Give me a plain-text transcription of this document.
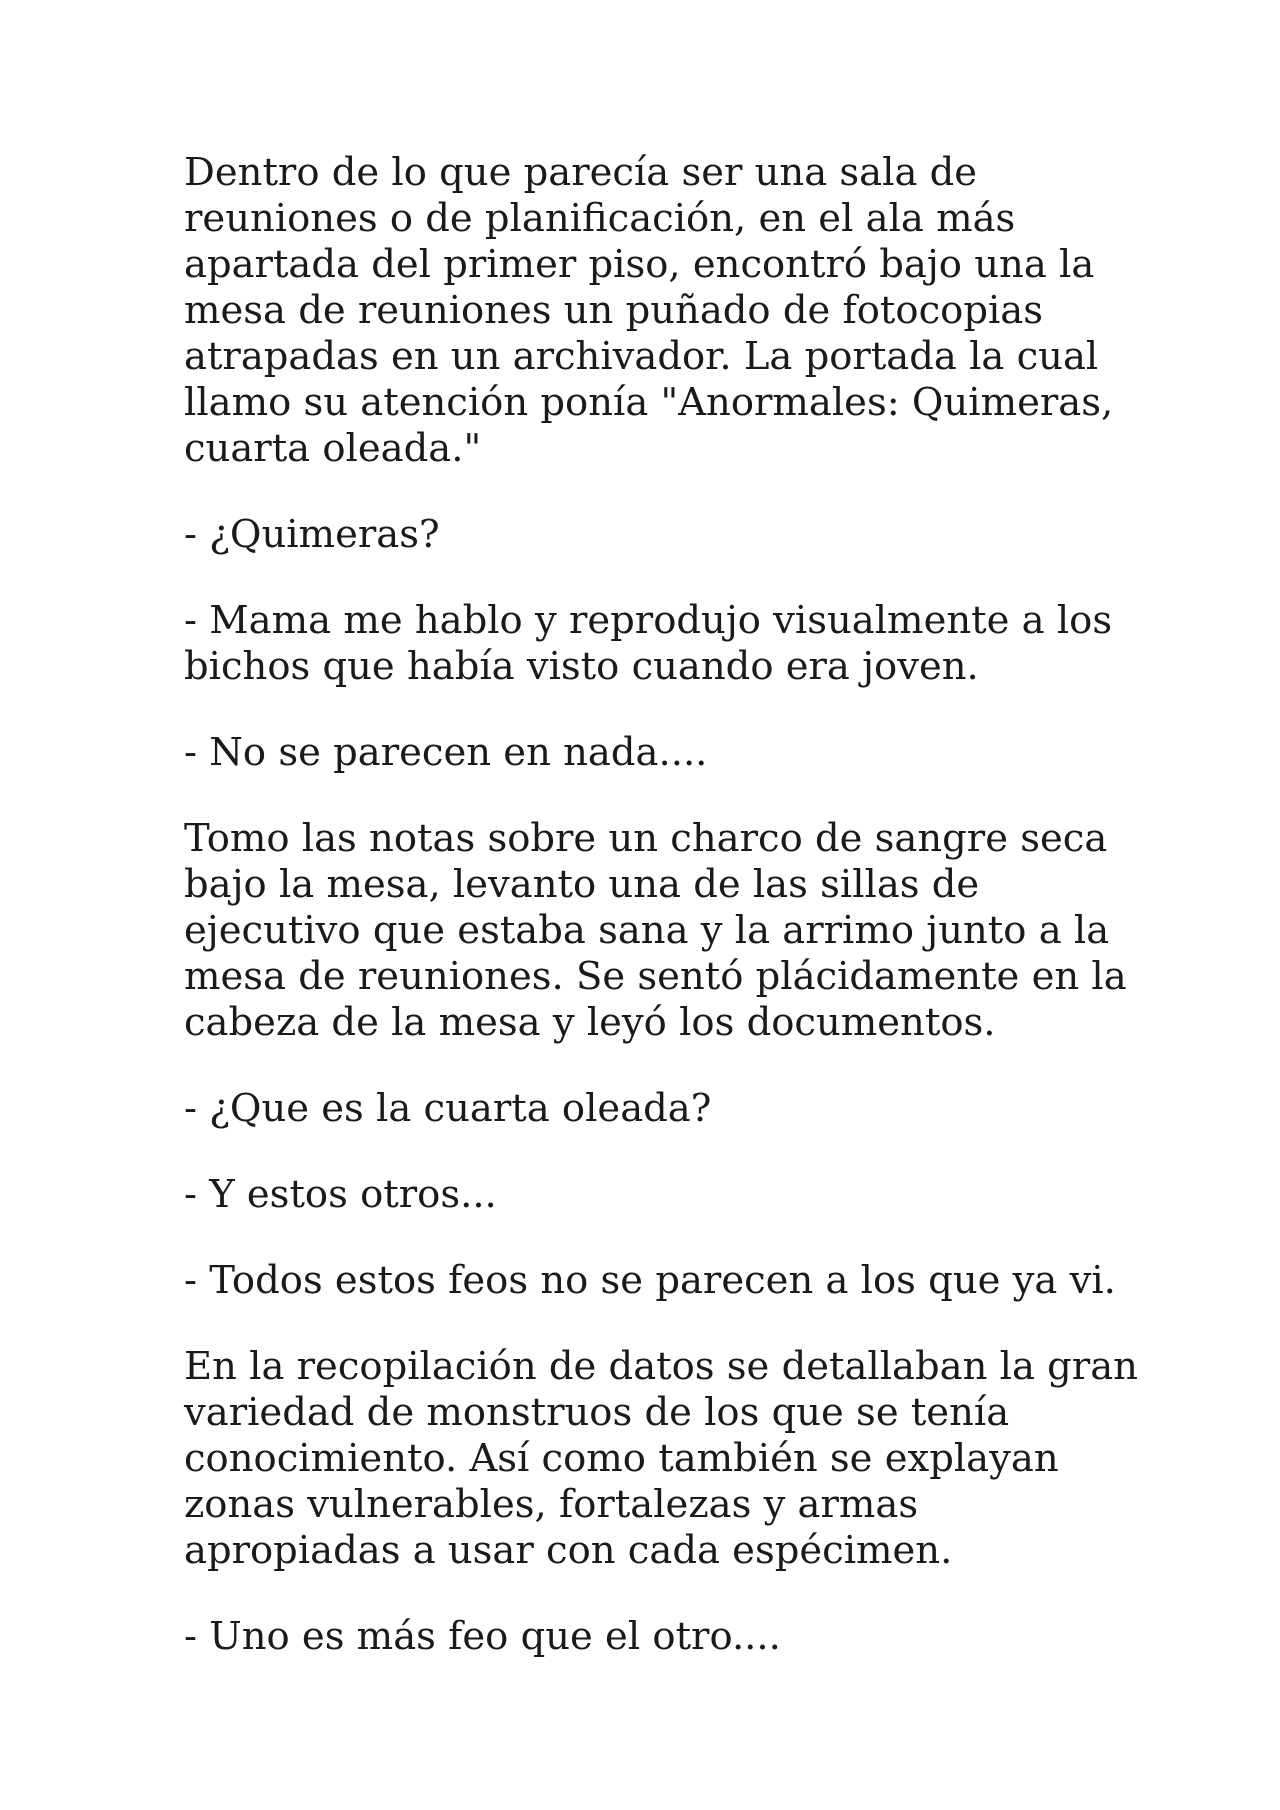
Dentro de lo que parecía ser una sala de
reuniones o de planificación, en el ala más
apartada del primer piso, encontró bajo una la
mesa de reuniones un puñado de fotocopias
atrapadas en un archivador. La portada la cual
llamo su atención ponía "Anormales: Quimeras,
cuarta oleada."

- ¿Quimeras?

- Mama me hablo y reprodujo visualmente a los
bichos que había visto cuando era joven.

- No se parecen en nada....

Tomo las notas sobre un charco de sangre seca
bajo la mesa, levanto una de las sillas de
ejecutivo que estaba sana y la arrimo junto a la
mesa de reuniones. Se sentó plácidamente en la
cabeza de la mesa y leyó los documentos.

- ¿Que es la cuarta oleada?

- Y estos otros...

- Todos estos feos no se parecen a los que ya vi.

En la recopilación de datos se detallaban la gran
variedad de monstruos de los que se tenía
conocimiento. Así como también se explayan
zonas vulnerables, fortalezas y armas
apropiadas a usar con cada espécimen.

- Uno es más feo que el otro....
